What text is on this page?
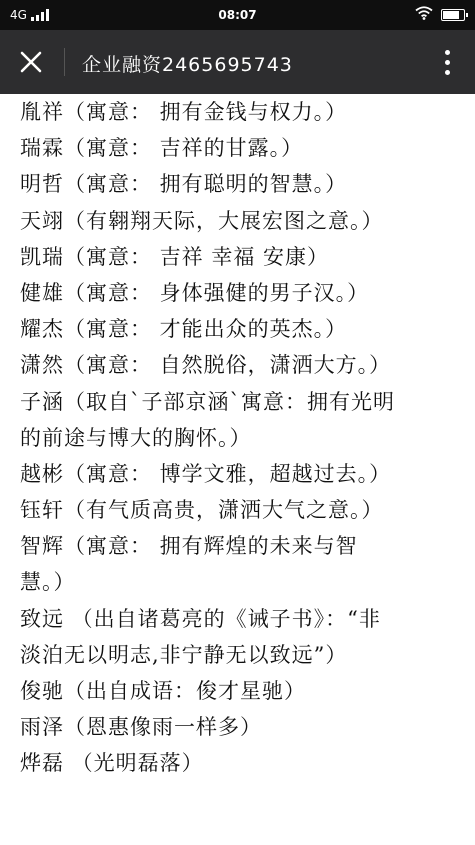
4G	08:07
企业融资2465695743
胤祥（寓意： 拥有金钱与权力。）
瑞霖（寓意： 吉祥的甘露。）
明哲（寓意： 拥有聪明的智慧。）
天翊（有翱翔天际，大展宏图之意。）
凯瑞（寓意： 吉祥 幸福 安康）
健雄（寓意： 身体强健的男子汉。）
耀杰（寓意： 才能出众的英杰。）
潇然（寓意： 自然脱俗，潇洒大方。）
子涵（取自`子部京涵`寓意：拥有光明
的前途与博大的胸怀。）
越彬（寓意： 博学文雅，超越过去。）
钰轩（有气质高贵，潇洒大气之意。）
智辉（寓意： 拥有辉煌的未来与智
慧。）
致远 （出自诸葛亮的《诫子书》：“非
淡泊无以明志,非宁静无以致远”）
俊驰（出自成语：俊才星驰）
雨泽（恩惠像雨一样多）
烨磊 （光明磊落）
